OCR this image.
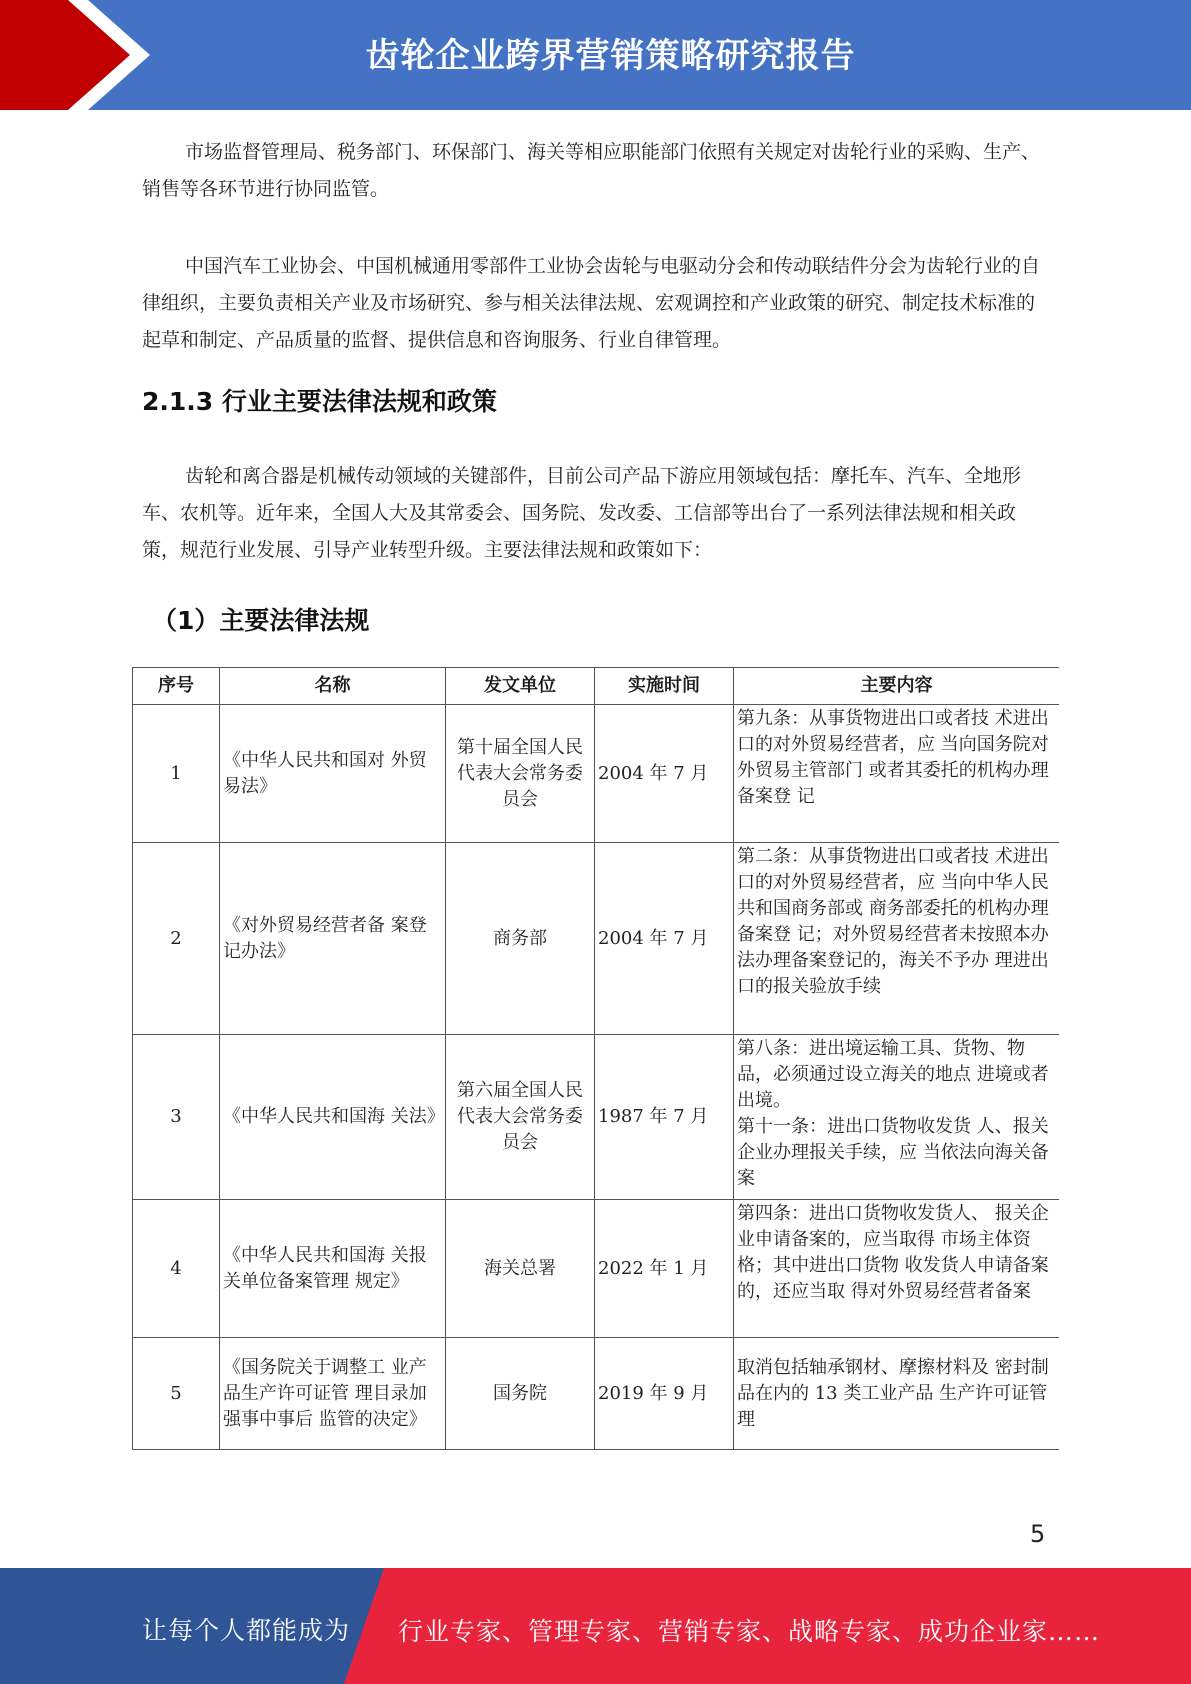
齿轮企业跨界营销策略研究报告

市场监督管理局、税务部门、环保部门、海关等相应职能部门依照有关规定对齿轮行业的采购、生产、销售等各环节进行协同监管。

中国汽车工业协会、中国机械通用零部件工业协会齿轮与电驱动分会和传动联结件分会为齿轮行业的自律组织，主要负责相关产业及市场研究、参与相关法律法规、宏观调控和产业政策的研究、制定技术标准的起草和制定、产品质量的监督、提供信息和咨询服务、行业自律管理。

2.1.3 行业主要法律法规和政策

齿轮和离合器是机械传动领域的关键部件，目前公司产品下游应用领域包括：摩托车、汽车、全地形车、农机等。近年来，全国人大及其常委会、国务院、发改委、工信部等出台了一系列法律法规和相关政策，规范行业发展、引导产业转型升级。主要法律法规和政策如下：

（1）主要法律法规
序号	名称	发文单位	实施时间	主要内容
1	《中华人民共和国对 外贸易法》	第十届全国人民代表大会常务委员会	2004 年 7 月	第九条：从事货物进出口或者技 术进出口的对外贸易经营者，应 当向国务院对外贸易主管部门 或者其委托的机构办理备案登 记
2	《对外贸易经营者备 案登记办法》	商务部	2004 年 7 月	第二条：从事货物进出口或者技 术进出口的对外贸易经营者，应 当向中华人民共和国商务部或 商务部委托的机构办理备案登 记；对外贸易经营者未按照本办 法办理备案登记的，海关不予办 理进出口的报关验放手续
3	《中华人民共和国海 关法》	第六届全国人民代表大会常务委员会	1987 年 7 月	第八条：进出境运输工具、货物、物品，必须通过设立海关的地点 进境或者出境。
第十一条：进出口货物收发货 人、报关企业办理报关手续，应 当依法向海关备案
4	《中华人民共和国海 关报关单位备案管理 规定》	海关总署	2022 年 1 月	第四条：进出口货物收发货人、 报关企业申请备案的，应当取得 市场主体资格；其中进出口货物 收发货人申请备案的，还应当取 得对外贸易经营者备案
5	《国务院关于调整工 业产品生产许可证管 理目录加强事中事后 监管的决定》	国务院	2019 年 9 月	取消包括轴承钢材、摩擦材料及 密封制品在内的 13 类工业产品 生产许可证管理
5
让每个人都能成为 行业专家、管理专家、营销专家、战略专家、成功企业家……
